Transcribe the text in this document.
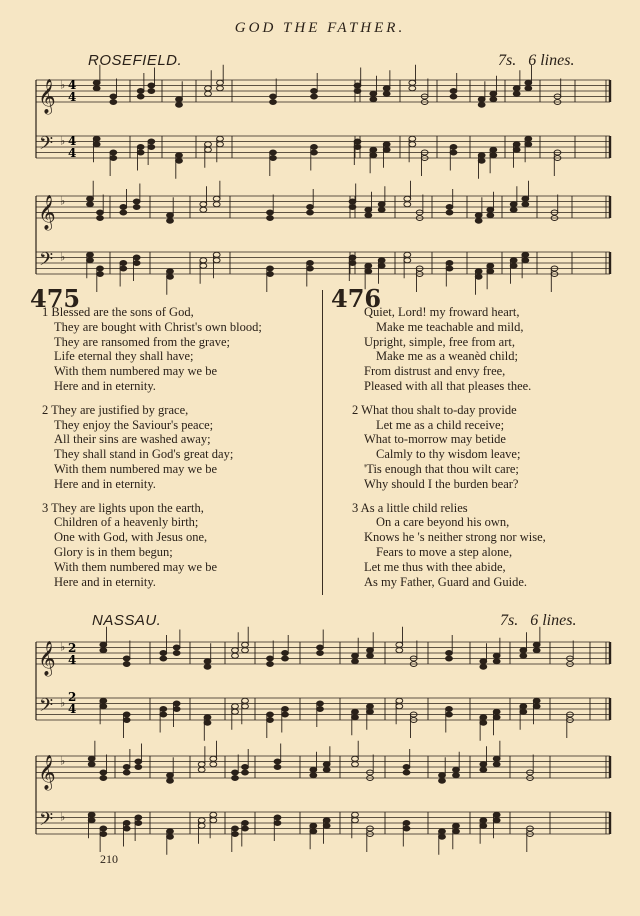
GOD THE FATHER.
ROSEFIELD.	7s.   6 lines.
NASSAU.	7s.   6 lines.
𝄞 ♭
𝄢 ♭
𝄞 ♭
𝄢 ♭
𝄞 ♭
𝄢 ♭
𝄞 ♭
𝄢 ♭
4
4
4
4
2
4
2
4
475	476
1 Blessed are the sons of God,
They are bought with Christ's own blood;
They are ransomed from the grave;
Life eternal they shall have;
With them numbered may we be
Here and in eternity.
2 They are justified by grace,
They enjoy the Saviour's peace;
All their sins are washed away;
They shall stand in God's great day;
With them numbered may we be
Here and in eternity.
3 They are lights upon the earth,
Children of a heavenly birth;
One with God, with Jesus one,
Glory is in them begun;
With them numbered may we be
Here and in eternity.
Quiet, Lord! my froward heart,
Make me teachable and mild,
Upright, simple, free from art,
Make me as a weanèd child;
From distrust and envy free,
Pleased with all that pleases thee.
2 What thou shalt to-day provide
Let me as a child receive;
What to-morrow may betide
Calmly to thy wisdom leave;
'Tis enough that thou wilt care;
Why should I the burden bear?
3 As a little child relies
On a care beyond his own,
Knows he 's neither strong nor wise,
Fears to move a step alone,
Let me thus with thee abide,
As my Father, Guard and Guide.
210
